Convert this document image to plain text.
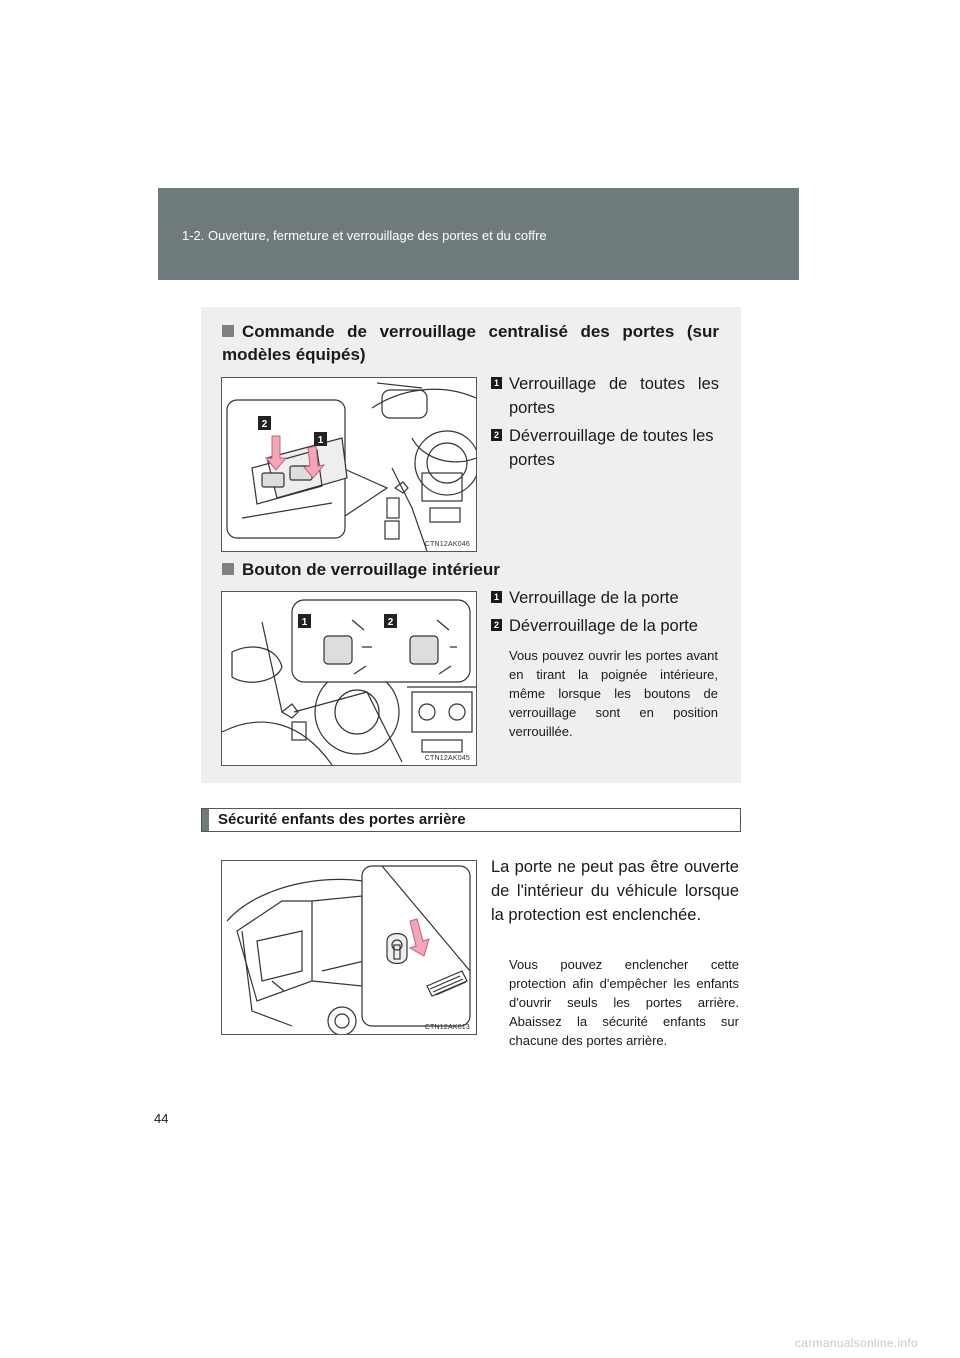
1-2. Ouverture, fermeture et verrouillage des portes et du coffre
Commande de verrouillage centralisé des portes (sur modèles équipés)
2
1
CTN12AK046
1 Verrouillage de toutes les portes
2 Déverrouillage de toutes les portes
Bouton de verrouillage intérieur
1	2
CTN12AK045
1 Verrouillage de la porte
2 Déverrouillage de la porte
Vous pouvez ouvrir les portes avant en tirant la poignée intérieure, même lorsque les boutons de verrouillage sont en position verrouillée.
Sécurité enfants des portes arrière
CTN12AK013
La porte ne peut pas être ouverte de l'intérieur du véhicule lorsque la protection est enclenchée.
Vous pouvez enclencher cette protection afin d'empêcher les enfants d'ouvrir seuls les portes arrière. Abaissez la sécurité enfants sur chacune des portes arrière.
44
carmanualsonline.info
